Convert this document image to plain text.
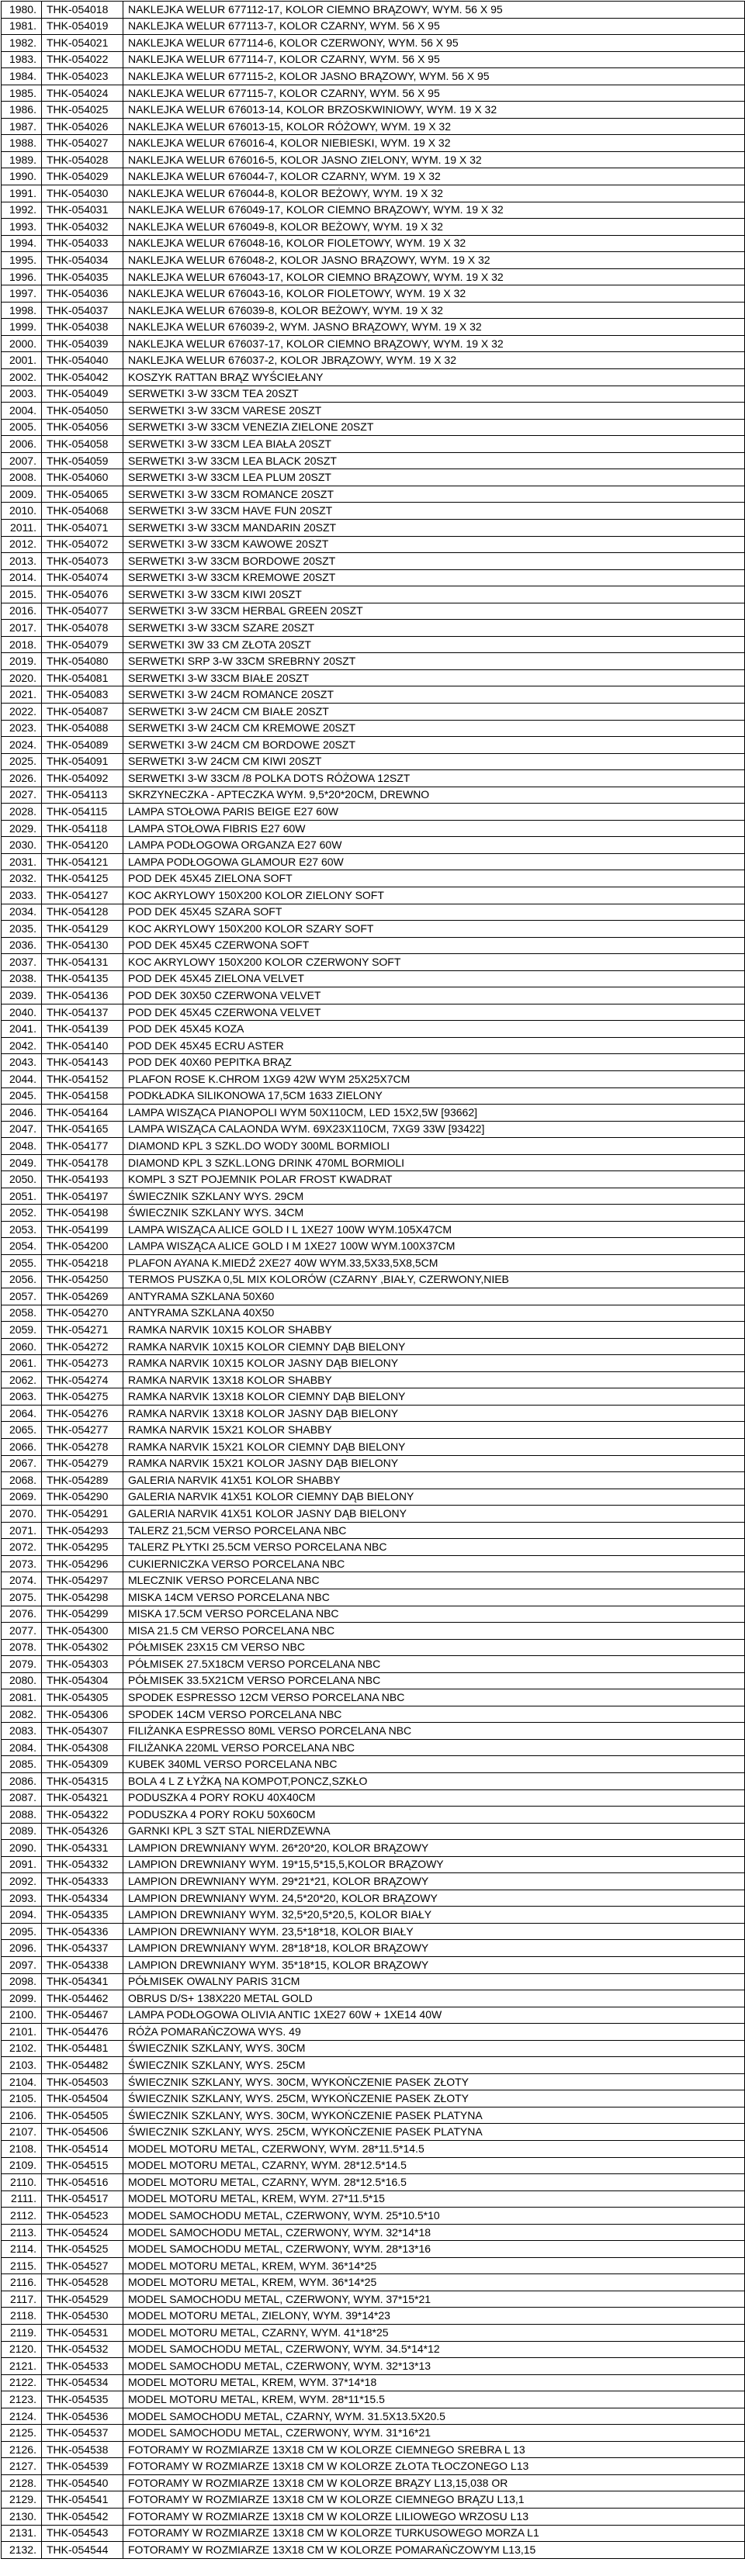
1980.	THK-054018	NAKLEJKA WELUR 677112-17, KOLOR CIEMNO BRĄZOWY, WYM. 56 X 95
1981.	THK-054019	NAKLEJKA WELUR 677113-7, KOLOR CZARNY, WYM. 56 X 95
1982.	THK-054021	NAKLEJKA WELUR 677114-6, KOLOR CZERWONY, WYM. 56 X 95
1983.	THK-054022	NAKLEJKA WELUR 677114-7, KOLOR CZARNY, WYM. 56 X 95
1984.	THK-054023	NAKLEJKA WELUR 677115-2, KOLOR JASNO BRĄZOWY, WYM. 56 X 95
1985.	THK-054024	NAKLEJKA WELUR 677115-7, KOLOR CZARNY, WYM. 56 X 95
1986.	THK-054025	NAKLEJKA WELUR 676013-14, KOLOR BRZOSKWINIOWY, WYM. 19 X 32
1987.	THK-054026	NAKLEJKA WELUR 676013-15, KOLOR RÓŻOWY, WYM. 19 X 32
1988.	THK-054027	NAKLEJKA WELUR 676016-4, KOLOR NIEBIESKI, WYM. 19 X 32
1989.	THK-054028	NAKLEJKA WELUR 676016-5, KOLOR JASNO ZIELONY, WYM. 19 X 32
1990.	THK-054029	NAKLEJKA WELUR 676044-7, KOLOR CZARNY, WYM. 19 X 32
1991.	THK-054030	NAKLEJKA WELUR 676044-8, KOLOR BEŻOWY, WYM. 19 X 32
1992.	THK-054031	NAKLEJKA WELUR 676049-17, KOLOR CIEMNO BRĄZOWY, WYM. 19 X 32
1993.	THK-054032	NAKLEJKA WELUR 676049-8, KOLOR BEŻOWY, WYM. 19 X 32
1994.	THK-054033	NAKLEJKA WELUR 676048-16, KOLOR FIOLETOWY, WYM. 19 X 32
1995.	THK-054034	NAKLEJKA WELUR 676048-2, KOLOR JASNO BRĄZOWY, WYM. 19 X 32
1996.	THK-054035	NAKLEJKA WELUR 676043-17, KOLOR CIEMNO BRĄZOWY, WYM. 19 X 32
1997.	THK-054036	NAKLEJKA WELUR 676043-16, KOLOR FIOLETOWY, WYM. 19 X 32
1998.	THK-054037	NAKLEJKA WELUR 676039-8, KOLOR BEŻOWY, WYM. 19 X 32
1999.	THK-054038	NAKLEJKA WELUR 676039-2, WYM. JASNO BRĄZOWY, WYM. 19 X 32
2000.	THK-054039	NAKLEJKA WELUR 676037-17, KOLOR CIEMNO BRĄZOWY, WYM. 19 X 32
2001.	THK-054040	NAKLEJKA WELUR 676037-2, KOLOR JBRĄZOWY, WYM. 19 X 32
2002.	THK-054042	KOSZYK RATTAN BRĄZ WYŚCIEŁANY
2003.	THK-054049	SERWETKI 3-W 33CM TEA 20SZT
2004.	THK-054050	SERWETKI 3-W 33CM VARESE 20SZT
2005.	THK-054056	SERWETKI 3-W 33CM VENEZIA ZIELONE 20SZT
2006.	THK-054058	SERWETKI 3-W 33CM LEA BIAŁA 20SZT
2007.	THK-054059	SERWETKI 3-W 33CM LEA BLACK 20SZT
2008.	THK-054060	SERWETKI 3-W 33CM LEA PLUM 20SZT
2009.	THK-054065	SERWETKI 3-W 33CM ROMANCE 20SZT
2010.	THK-054068	SERWETKI 3-W 33CM HAVE FUN 20SZT
2011.	THK-054071	SERWETKI 3-W 33CM MANDARIN 20SZT
2012.	THK-054072	SERWETKI 3-W 33CM KAWOWE 20SZT
2013.	THK-054073	SERWETKI 3-W 33CM BORDOWE 20SZT
2014.	THK-054074	SERWETKI 3-W 33CM KREMOWE 20SZT
2015.	THK-054076	SERWETKI 3-W 33CM KIWI 20SZT
2016.	THK-054077	SERWETKI 3-W 33CM HERBAL GREEN 20SZT
2017.	THK-054078	SERWETKI 3-W 33CM SZARE 20SZT
2018.	THK-054079	SERWETKI 3W 33 CM ZŁOTA 20SZT
2019.	THK-054080	SERWETKI SRP 3-W 33CM SREBRNY 20SZT
2020.	THK-054081	SERWETKI 3-W 33CM BIAŁE 20SZT
2021.	THK-054083	SERWETKI 3-W 24CM ROMANCE 20SZT
2022.	THK-054087	SERWETKI 3-W 24CM CM BIAŁE 20SZT
2023.	THK-054088	SERWETKI 3-W 24CM CM KREMOWE 20SZT
2024.	THK-054089	SERWETKI 3-W 24CM CM BORDOWE 20SZT
2025.	THK-054091	SERWETKI 3-W 24CM CM KIWI 20SZT
2026.	THK-054092	SERWETKI 3-W 33CM /8 POLKA DOTS RÓŻOWA 12SZT
2027.	THK-054113	SKRZYNECZKA - APTECZKA WYM. 9,5*20*20CM, DREWNO
2028.	THK-054115	LAMPA STOŁOWA PARIS BEIGE E27 60W
2029.	THK-054118	LAMPA STOŁOWA FIBRIS E27 60W
2030.	THK-054120	LAMPA PODŁOGOWA ORGANZA E27 60W
2031.	THK-054121	LAMPA PODŁOGOWA GLAMOUR E27 60W
2032.	THK-054125	POD DEK 45X45 ZIELONA SOFT
2033.	THK-054127	KOC AKRYLOWY 150X200 KOLOR ZIELONY SOFT
2034.	THK-054128	POD DEK 45X45 SZARA SOFT
2035.	THK-054129	KOC AKRYLOWY 150X200 KOLOR SZARY SOFT
2036.	THK-054130	POD DEK 45X45 CZERWONA SOFT
2037.	THK-054131	KOC AKRYLOWY 150X200 KOLOR CZERWONY SOFT
2038.	THK-054135	POD DEK 45X45 ZIELONA VELVET
2039.	THK-054136	POD DEK 30X50 CZERWONA VELVET
2040.	THK-054137	POD DEK 45X45 CZERWONA VELVET
2041.	THK-054139	POD DEK 45X45 KOZA
2042.	THK-054140	POD DEK 45X45 ECRU ASTER
2043.	THK-054143	POD DEK 40X60 PEPITKA BRĄZ
2044.	THK-054152	PLAFON ROSE K.CHROM 1XG9 42W WYM 25X25X7CM
2045.	THK-054158	PODKŁADKA SILIKONOWA 17,5CM 1633 ZIELONY
2046.	THK-054164	LAMPA WISZĄCA PIANOPOLI WYM 50X110CM, LED 15X2,5W [93662]
2047.	THK-054165	LAMPA WISZĄCA CALAONDA WYM. 69X23X110CM, 7XG9 33W [93422]
2048.	THK-054177	DIAMOND KPL 3 SZKL.DO WODY 300ML BORMIOLI
2049.	THK-054178	DIAMOND KPL 3 SZKL.LONG DRINK 470ML BORMIOLI
2050.	THK-054193	KOMPL 3 SZT POJEMNIK POLAR FROST KWADRAT
2051.	THK-054197	ŚWIECZNIK SZKLANY WYS. 29CM
2052.	THK-054198	ŚWIECZNIK SZKLANY WYS. 34CM
2053.	THK-054199	LAMPA WISZĄCA ALICE GOLD I L 1XE27 100W WYM.105X47CM
2054.	THK-054200	LAMPA WISZĄCA ALICE GOLD I M 1XE27 100W WYM.100X37CM
2055.	THK-054218	PLAFON AYANA K.MIEDŹ 2XE27 40W WYM.33,5X33,5X8,5CM
2056.	THK-054250	TERMOS PUSZKA 0,5L MIX KOLORÓW (CZARNY ,BIAŁY, CZERWONY,NIEB
2057.	THK-054269	ANTYRAMA SZKLANA 50X60
2058.	THK-054270	ANTYRAMA SZKLANA 40X50
2059.	THK-054271	RAMKA NARVIK 10X15 KOLOR SHABBY
2060.	THK-054272	RAMKA NARVIK 10X15 KOLOR CIEMNY DĄB BIELONY
2061.	THK-054273	RAMKA NARVIK 10X15 KOLOR JASNY DĄB BIELONY
2062.	THK-054274	RAMKA NARVIK 13X18 KOLOR SHABBY
2063.	THK-054275	RAMKA NARVIK 13X18 KOLOR CIEMNY DĄB BIELONY
2064.	THK-054276	RAMKA NARVIK 13X18 KOLOR JASNY DĄB BIELONY
2065.	THK-054277	RAMKA NARVIK 15X21 KOLOR SHABBY
2066.	THK-054278	RAMKA NARVIK 15X21 KOLOR CIEMNY DĄB BIELONY
2067.	THK-054279	RAMKA NARVIK 15X21 KOLOR JASNY DĄB BIELONY
2068.	THK-054289	GALERIA NARVIK 41X51 KOLOR SHABBY
2069.	THK-054290	GALERIA NARVIK 41X51 KOLOR CIEMNY DĄB BIELONY
2070.	THK-054291	GALERIA NARVIK 41X51 KOLOR JASNY DĄB BIELONY
2071.	THK-054293	TALERZ 21,5CM VERSO PORCELANA NBC
2072.	THK-054295	TALERZ PŁYTKI 25.5CM VERSO PORCELANA NBC
2073.	THK-054296	CUKIERNICZKA VERSO PORCELANA NBC
2074.	THK-054297	MLECZNIK VERSO PORCELANA NBC
2075.	THK-054298	MISKA 14CM VERSO PORCELANA NBC
2076.	THK-054299	MISKA 17.5CM VERSO PORCELANA NBC
2077.	THK-054300	MISA 21.5 CM VERSO PORCELANA NBC
2078.	THK-054302	PÓŁMISEK 23X15 CM VERSO NBC
2079.	THK-054303	PÓŁMISEK 27.5X18CM VERSO PORCELANA NBC
2080.	THK-054304	PÓŁMISEK 33.5X21CM VERSO PORCELANA NBC
2081.	THK-054305	SPODEK ESPRESSO 12CM VERSO PORCELANA NBC
2082.	THK-054306	SPODEK 14CM VERSO PORCELANA NBC
2083.	THK-054307	FILIŻANKA ESPRESSO 80ML VERSO PORCELANA NBC
2084.	THK-054308	FILIŻANKA 220ML VERSO PORCELANA NBC
2085.	THK-054309	KUBEK 340ML VERSO PORCELANA NBC
2086.	THK-054315	BOLA 4 L Z ŁYŻKĄ NA KOMPOT,PONCZ,SZKŁO
2087.	THK-054321	PODUSZKA 4 PORY ROKU 40X40CM
2088.	THK-054322	PODUSZKA 4 PORY ROKU 50X60CM
2089.	THK-054326	GARNKI KPL 3 SZT STAL NIERDZEWNA
2090.	THK-054331	LAMPION DREWNIANY WYM. 26*20*20, KOLOR BRĄZOWY
2091.	THK-054332	LAMPION DREWNIANY WYM. 19*15,5*15,5,KOLOR BRĄZOWY
2092.	THK-054333	LAMPION DREWNIANY WYM. 29*21*21, KOLOR BRĄZOWY
2093.	THK-054334	LAMPION DREWNIANY WYM. 24,5*20*20, KOLOR BRĄZOWY
2094.	THK-054335	LAMPION DREWNIANY WYM. 32,5*20,5*20,5, KOLOR BIAŁY
2095.	THK-054336	LAMPION DREWNIANY WYM. 23,5*18*18, KOLOR BIAŁY
2096.	THK-054337	LAMPION DREWNIANY WYM. 28*18*18, KOLOR BRĄZOWY
2097.	THK-054338	LAMPION DREWNIANY WYM. 35*18*15, KOLOR BRĄZOWY
2098.	THK-054341	PÓŁMISEK OWALNY PARIS 31CM
2099.	THK-054462	OBRUS D/S+ 138X220 METAL GOLD
2100.	THK-054467	LAMPA PODŁOGOWA OLIVIA ANTIC 1XE27 60W + 1XE14 40W
2101.	THK-054476	RÓŻA POMARAŃCZOWA WYS. 49
2102.	THK-054481	ŚWIECZNIK SZKLANY, WYS. 30CM
2103.	THK-054482	ŚWIECZNIK SZKLANY, WYS. 25CM
2104.	THK-054503	ŚWIECZNIK SZKLANY, WYS. 30CM, WYKOŃCZENIE PASEK ZŁOTY
2105.	THK-054504	ŚWIECZNIK SZKLANY, WYS. 25CM, WYKOŃCZENIE PASEK ZŁOTY
2106.	THK-054505	ŚWIECZNIK SZKLANY, WYS. 30CM, WYKOŃCZENIE PASEK PLATYNA
2107.	THK-054506	ŚWIECZNIK SZKLANY, WYS. 25CM, WYKOŃCZENIE PASEK PLATYNA
2108.	THK-054514	MODEL MOTORU METAL, CZERWONY, WYM. 28*11.5*14.5
2109.	THK-054515	MODEL MOTORU METAL, CZARNY, WYM. 28*12.5*14.5
2110.	THK-054516	MODEL MOTORU METAL, CZARNY, WYM. 28*12.5*16.5
2111.	THK-054517	MODEL MOTORU METAL, KREM, WYM. 27*11.5*15
2112.	THK-054523	MODEL SAMOCHODU METAL, CZERWONY, WYM. 25*10.5*10
2113.	THK-054524	MODEL SAMOCHODU METAL, CZERWONY, WYM. 32*14*18
2114.	THK-054525	MODEL SAMOCHODU METAL, CZERWONY, WYM. 28*13*16
2115.	THK-054527	MODEL MOTORU METAL, KREM, WYM. 36*14*25
2116.	THK-054528	MODEL MOTORU METAL, KREM, WYM. 36*14*25
2117.	THK-054529	MODEL SAMOCHODU METAL, CZERWONY, WYM. 37*15*21
2118.	THK-054530	MODEL MOTORU METAL, ZIELONY, WYM. 39*14*23
2119.	THK-054531	MODEL MOTORU METAL, CZARNY, WYM. 41*18*25
2120.	THK-054532	MODEL SAMOCHODU METAL, CZERWONY, WYM. 34.5*14*12
2121.	THK-054533	MODEL SAMOCHODU METAL, CZERWONY, WYM. 32*13*13
2122.	THK-054534	MODEL MOTORU METAL, KREM, WYM. 37*14*18
2123.	THK-054535	MODEL MOTORU METAL, KREM, WYM. 28*11*15.5
2124.	THK-054536	MODEL SAMOCHODU METAL, CZARNY, WYM. 31.5X13.5X20.5
2125.	THK-054537	MODEL SAMOCHODU METAL, CZERWONY, WYM. 31*16*21
2126.	THK-054538	FOTORAMY W ROZMIARZE 13X18 CM W KOLORZE CIEMNEGO SREBRA L 13
2127.	THK-054539	FOTORAMY W ROZMIARZE 13X18 CM W KOLORZE ZŁOTA TŁOCZONEGO L13
2128.	THK-054540	FOTORAMY W ROZMIARZE 13X18 CM W KOLORZE BRĄZY L13,15,038 OR
2129.	THK-054541	FOTORAMY W ROZMIARZE 13X18 CM W KOLORZE CIEMNEGO BRĄZU L13,1
2130.	THK-054542	FOTORAMY W ROZMIARZE 13X18 CM W KOLORZE LILIOWEGO WRZOSU L13
2131.	THK-054543	FOTORAMY W ROZMIARZE 13X18 CM W KOLORZE TURKUSOWEGO MORZA L1
2132.	THK-054544	FOTORAMY W ROZMIARZE 13X18 CM W KOLORZE POMARAŃCZOWYM L13,15
